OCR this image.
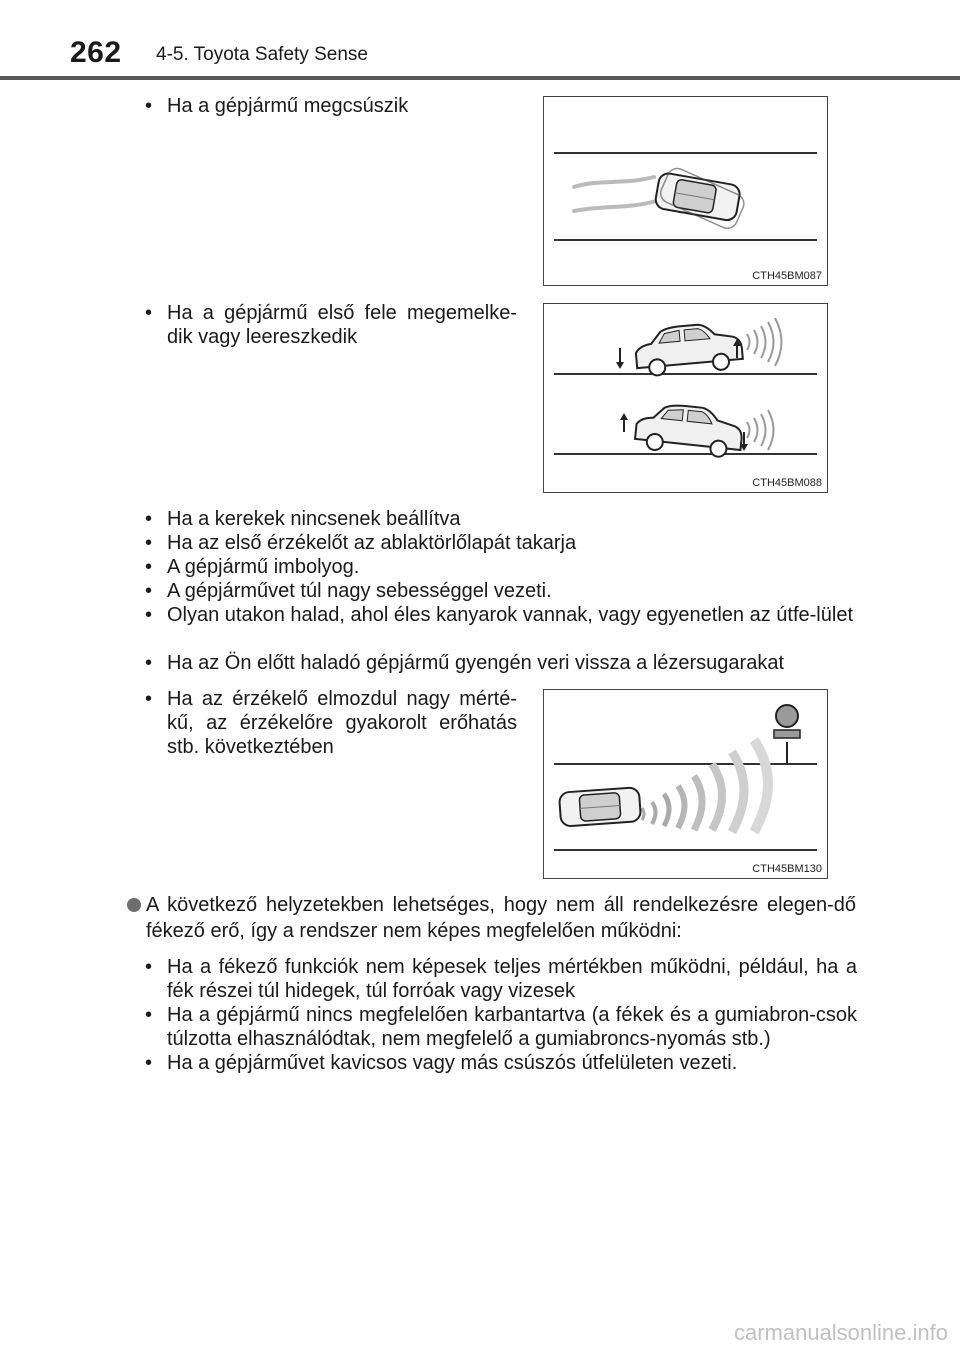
262 4-5. Toyota Safety Sense
• Ha a gépjármű megcsúszik
CTH45BM087
• Ha a gépjármű első fele megemelke-dik vagy leereszkedik
CTH45BM088
• Ha a kerekek nincsenek beállítva
• Ha az első érzékelőt az ablaktörlőlapát takarja
• A gépjármű imbolyog.
• A gépjárművet túl nagy sebességgel vezeti.
• Olyan utakon halad, ahol éles kanyarok vannak, vagy egyenetlen az útfe-lület
• Ha az Ön előtt haladó gépjármű gyengén veri vissza a lézersugarakat
• Ha az érzékelő elmozdul nagy mérté-kű, az érzékelőre gyakorolt erőhatás stb. következtében
CTH45BM130
A következő helyzetekben lehetséges, hogy nem áll rendelkezésre elegen-dő fékező erő, így a rendszer nem képes megfelelően működni:
• Ha a fékező funkciók nem képesek teljes mértékben működni, például, ha a fék részei túl hidegek, túl forróak vagy vizesek
• Ha a gépjármű nincs megfelelően karbantartva (a fékek és a gumiabron-csok túlzotta elhasználódtak, nem megfelelő a gumiabroncs-nyomás stb.)
• Ha a gépjárművet kavicsos vagy más csúszós útfelületen vezeti.
carmanualsonline.info
